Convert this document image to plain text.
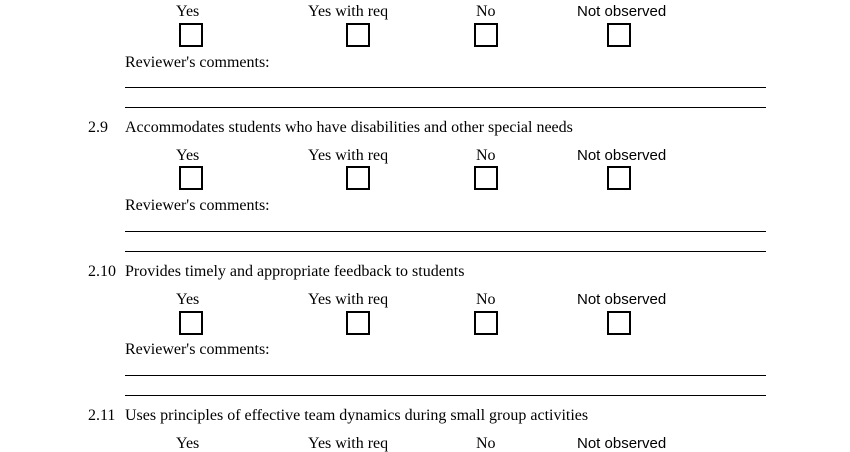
Yes	Yes with req	No	Not observed
Reviewer's comments:
2.9 Accommodates students who have disabilities and other special needs
Yes	Yes with req	No	Not observed
Reviewer's comments:
2.10 Provides timely and appropriate feedback to students
Yes	Yes with req	No	Not observed
Reviewer's comments:
2.11 Uses principles of effective team dynamics during small group activities
Yes	Yes with req	No	Not observed
